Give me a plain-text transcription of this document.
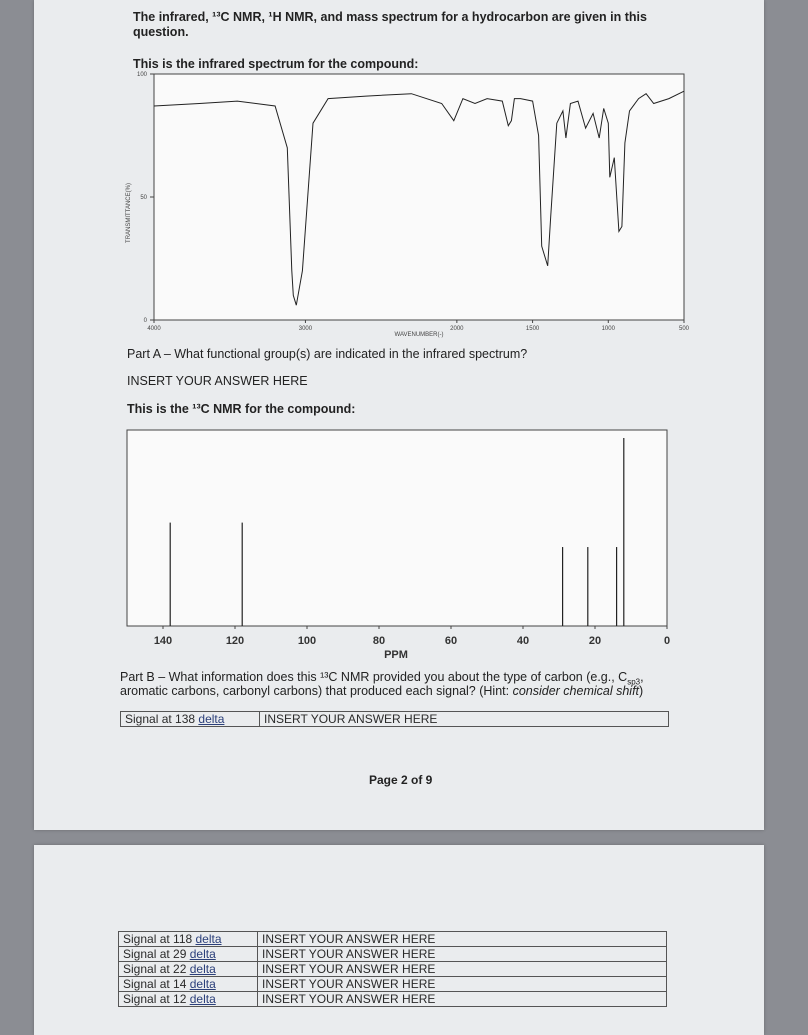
The infrared, ¹³C NMR, ¹H NMR, and mass spectrum for a hydrocarbon are given in this
question.
This is the infrared spectrum for the compound:
TRANSMITTANCE(%)
WAVENUMBER(-)
0
50
100
4000	3000	2000	1500	1000	500
Part A – What functional group(s) are indicated in the infrared spectrum?
INSERT YOUR ANSWER HERE
This is the ¹³C NMR for the compound:
140	120	100	80	60	40	20	0
PPM
Part B – What information does this ¹³C NMR provided you about the type of carbon (e.g., $C_{sp3}$,
aromatic carbons, carbonyl carbons) that produced each signal? (Hint: consider chemical shift)
Signal at 138 delta	INSERT YOUR ANSWER HERE
Page 2 of 9
Signal at 118 delta	INSERT YOUR ANSWER HERE
Signal at 29 delta	INSERT YOUR ANSWER HERE
Signal at 22 delta	INSERT YOUR ANSWER HERE
Signal at 14 delta	INSERT YOUR ANSWER HERE
Signal at 12 delta	INSERT YOUR ANSWER HERE
